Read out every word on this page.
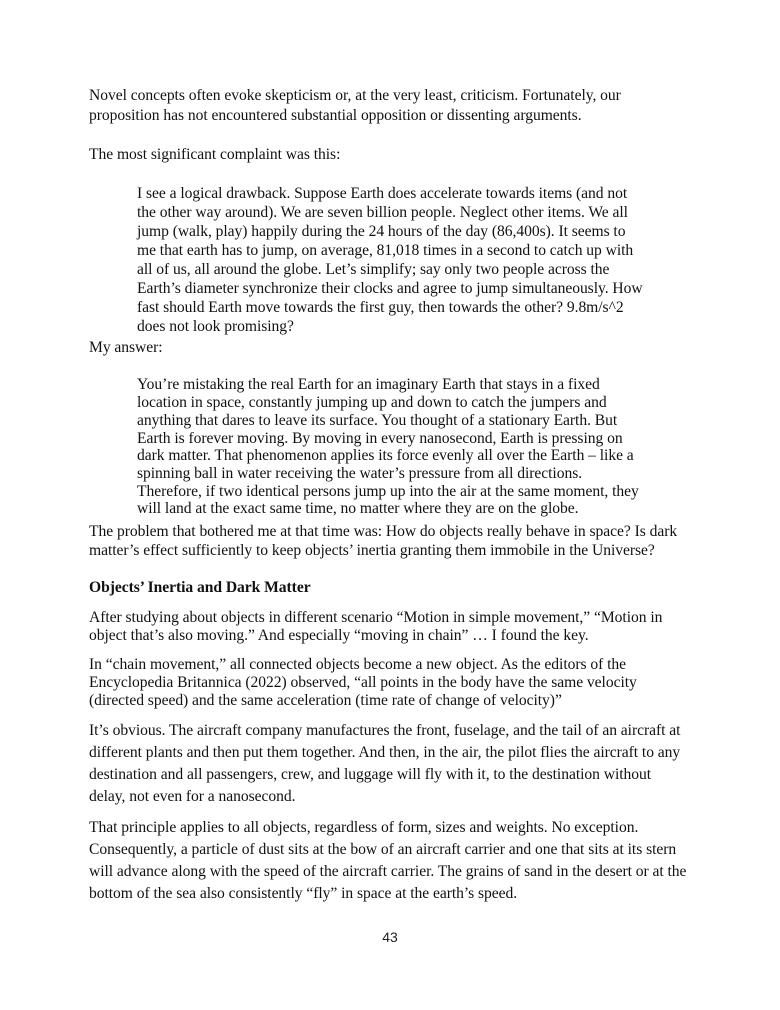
Novel concepts often evoke skepticism or, at the very least, criticism. Fortunately, our
proposition has not encountered substantial opposition or dissenting arguments.
The most significant complaint was this:
I see a logical drawback. Suppose Earth does accelerate towards items (and not
the other way around). We are seven billion people. Neglect other items. We all
jump (walk, play) happily during the 24 hours of the day (86,400s). It seems to
me that earth has to jump, on average, 81,018 times in a second to catch up with
all of us, all around the globe. Let’s simplify; say only two people across the
Earth’s diameter synchronize their clocks and agree to jump simultaneously. How
fast should Earth move towards the first guy, then towards the other? 9.8m/s^2
does not look promising?
My answer:
You’re mistaking the real Earth for an imaginary Earth that stays in a fixed
location in space, constantly jumping up and down to catch the jumpers and
anything that dares to leave its surface. You thought of a stationary Earth. But
Earth is forever moving. By moving in every nanosecond, Earth is pressing on
dark matter. That phenomenon applies its force evenly all over the Earth – like a
spinning ball in water receiving the water’s pressure from all directions.
Therefore, if two identical persons jump up into the air at the same moment, they
will land at the exact same time, no matter where they are on the globe.
The problem that bothered me at that time was: How do objects really behave in space? Is dark
matter’s effect sufficiently to keep objects’ inertia granting them immobile in the Universe?
Objects’ Inertia and Dark Matter
After studying about objects in different scenario “Motion in simple movement,” “Motion in
object that’s also moving.” And especially “moving in chain” … I found the key.
In “chain movement,” all connected objects become a new object. As the editors of the
Encyclopedia Britannica (2022) observed, “all points in the body have the same velocity
(directed speed) and the same acceleration (time rate of change of velocity)”
It’s obvious. The aircraft company manufactures the front, fuselage, and the tail of an aircraft at
different plants and then put them together. And then, in the air, the pilot flies the aircraft to any
destination and all passengers, crew, and luggage will fly with it, to the destination without
delay, not even for a nanosecond.
That principle applies to all objects, regardless of form, sizes and weights. No exception.
Consequently, a particle of dust sits at the bow of an aircraft carrier and one that sits at its stern
will advance along with the speed of the aircraft carrier. The grains of sand in the desert or at the
bottom of the sea also consistently “fly” in space at the earth’s speed.
43
